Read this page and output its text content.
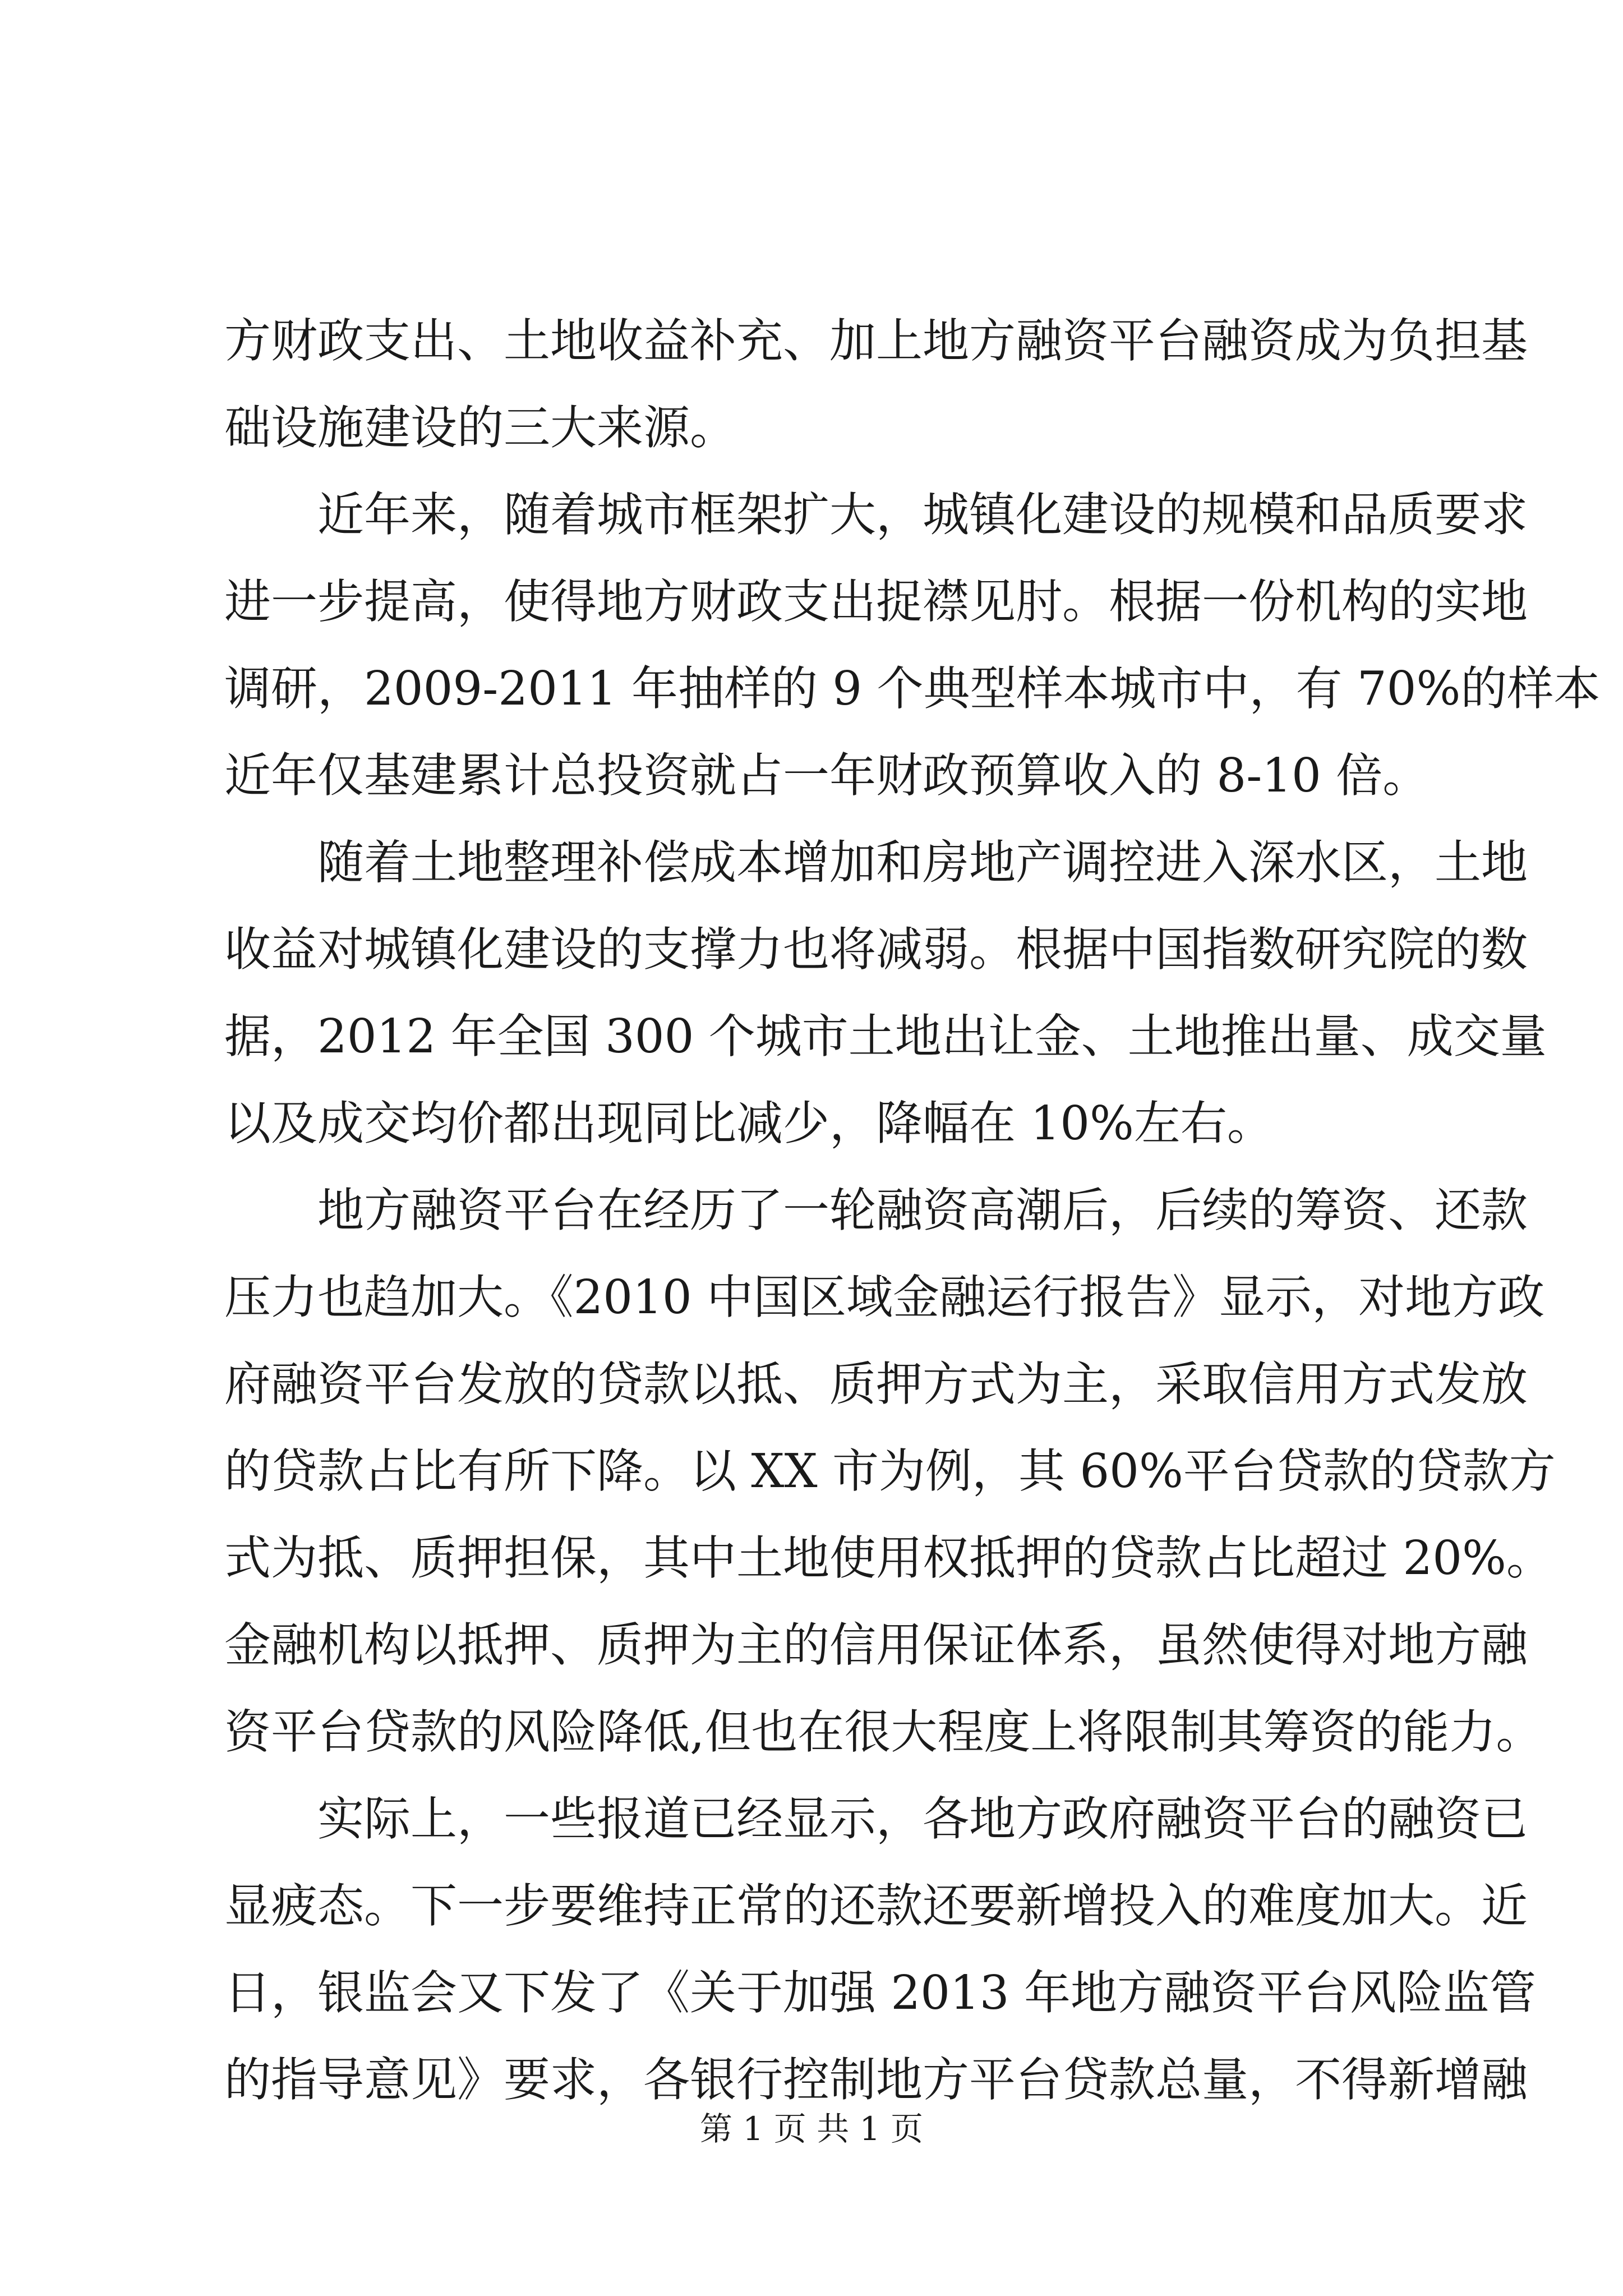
方财政支出、土地收益补充、加上地方融资平台融资成为负担基
础设施建设的三大来源。
近年来，随着城市框架扩大，城镇化建设的规模和品质要求
进一步提高，使得地方财政支出捉襟见肘。根据一份机构的实地
调研，2009-2011 年抽样的 9 个典型样本城市中，有 70%的样本
近年仅基建累计总投资就占一年财政预算收入的 8-10 倍。
随着土地整理补偿成本增加和房地产调控进入深水区，土地
收益对城镇化建设的支撑力也将减弱。根据中国指数研究院的数
据，2012 年全国 300 个城市土地出让金、土地推出量、成交量
以及成交均价都出现同比减少，降幅在 10%左右。
地方融资平台在经历了一轮融资高潮后，后续的筹资、还款
压力也趋加大。《2010 中国区域金融运行报告》显示，对地方政
府融资平台发放的贷款以抵、质押方式为主，采取信用方式发放
的贷款占比有所下降。以 XX 市为例，其 60%平台贷款的贷款方
式为抵、质押担保，其中土地使用权抵押的贷款占比超过 20%。
金融机构以抵押、质押为主的信用保证体系，虽然使得对地方融
资平台贷款的风险降低,但也在很大程度上将限制其筹资的能力。
实际上，一些报道已经显示，各地方政府融资平台的融资已
显疲态。下一步要维持正常的还款还要新增投入的难度加大。近
日，银监会又下发了《关于加强 2013 年地方融资平台风险监管
的指导意见》要求，各银行控制地方平台贷款总量，不得新增融
第 1 页 共 1 页
